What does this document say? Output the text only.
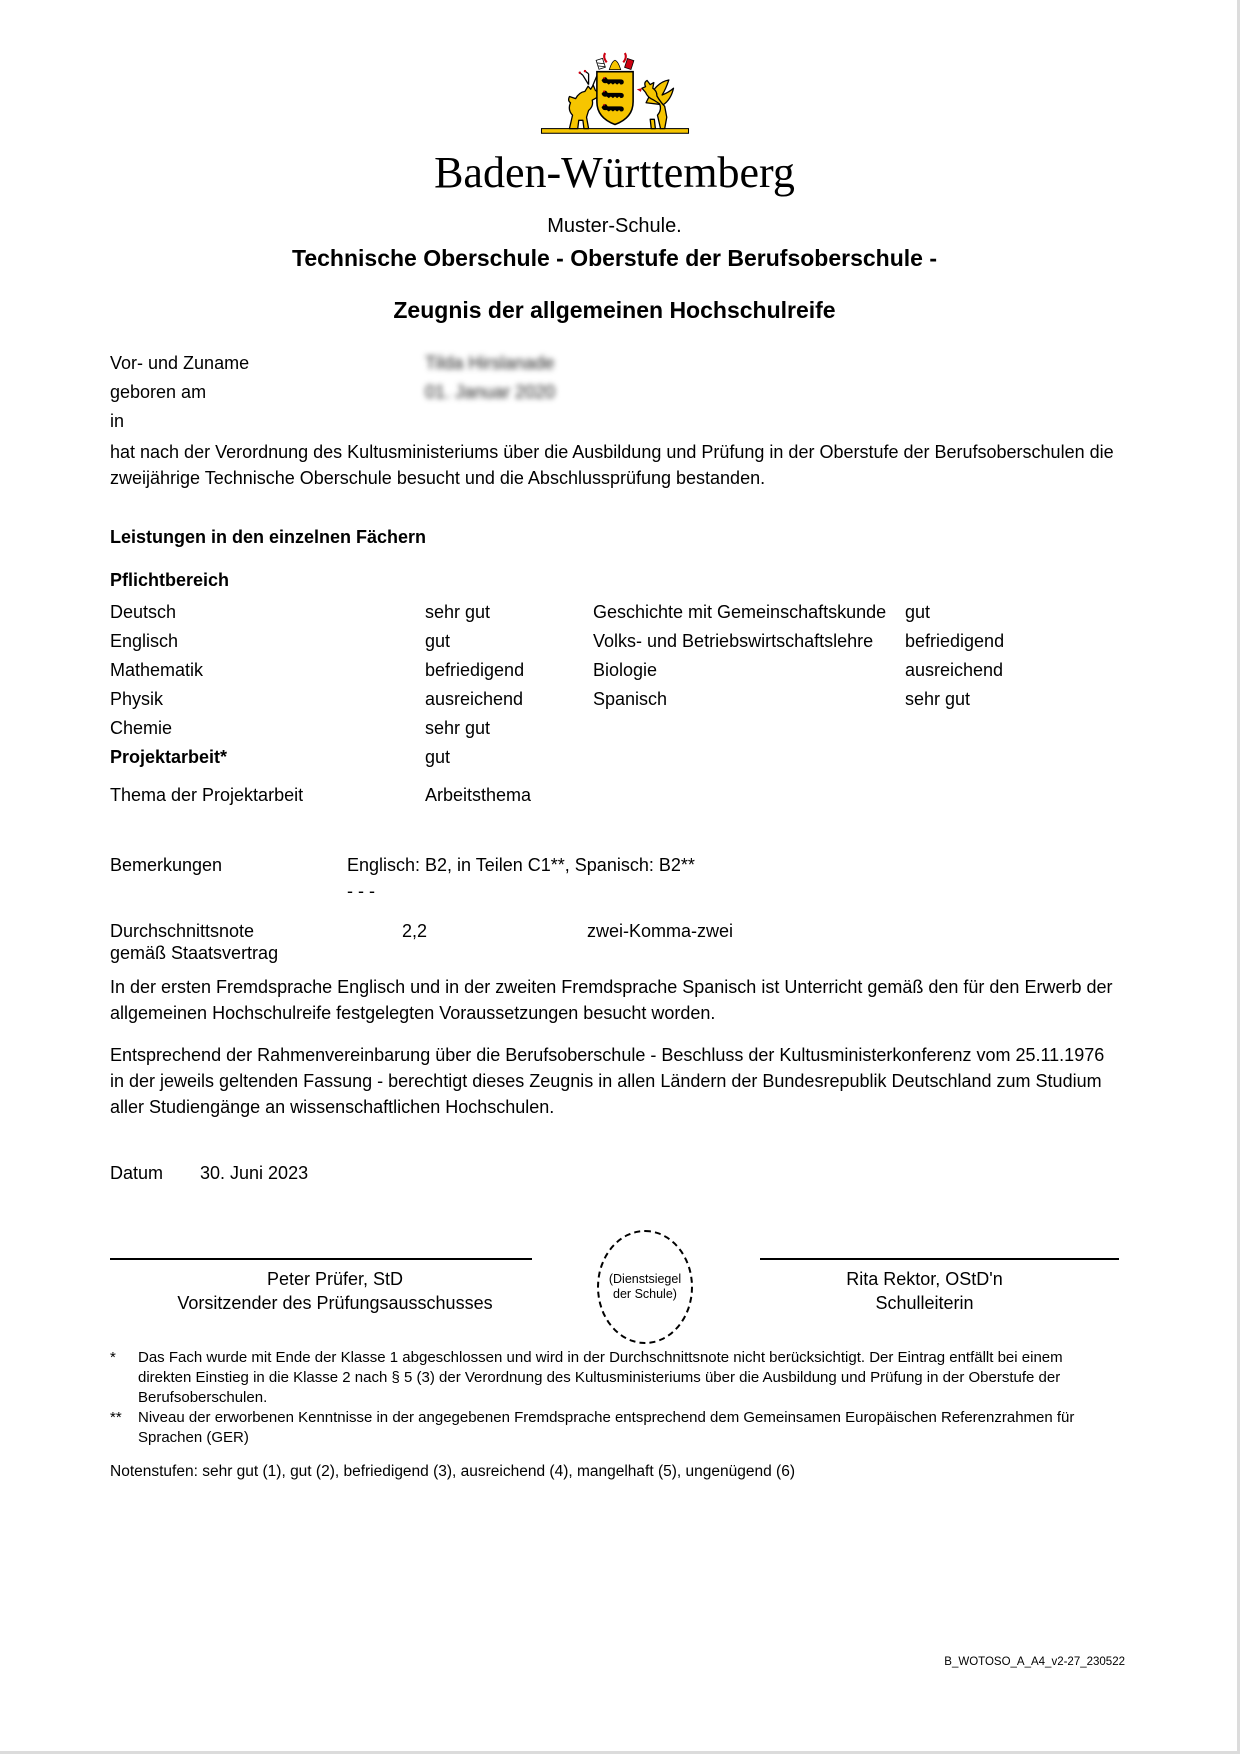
Baden-Württemberg
Muster-Schule.
Technische Oberschule - Oberstufe der Berufsoberschule -
Zeugnis der allgemeinen Hochschulreife
Vor- und Zuname	Tilda Hirslanade
geboren am	01. Januar 2020
in

hat nach der Verordnung des Kultusministeriums über die Ausbildung und Prüfung in der Oberstufe der Berufsoberschulen die zweijährige Technische Oberschule besucht und die Abschlussprüfung bestanden.

Leistungen in den einzelnen Fächern
Pflichtbereich
Deutsch	sehr gut	Geschichte mit Gemeinschaftskunde	gut
Englisch	gut	Volks- und Betriebswirtschaftslehre	befriedigend
Mathematik	befriedigend	Biologie	ausreichend
Physik	ausreichend	Spanisch	sehr gut
Chemie	sehr gut
Projektarbeit*	gut
Thema der Projektarbeit	Arbeitsthema
Bemerkungen	Englisch: B2, in Teilen C1**, Spanisch: B2**
- - -
Durchschnittsnote
gemäß Staatsvertrag
2,2	zwei-Komma-zwei

In der ersten Fremdsprache Englisch und in der zweiten Fremdsprache Spanisch ist Unterricht gemäß den für den Erwerb der allgemeinen Hochschulreife festgelegten Voraussetzungen besucht worden.

Entsprechend der Rahmenvereinbarung über die Berufsoberschule - Beschluss der Kultusministerkonferenz vom 25.11.1976 in der jeweils geltenden Fassung - berechtigt dieses Zeugnis in allen Ländern der Bundesrepublik Deutschland zum Studium aller Studiengänge an wissenschaftlichen Hochschulen.

Datum	30. Juni 2023
Peter Prüfer, StD
Vorsitzender des Prüfungsausschusses
(Dienstsiegel
der Schule)
Rita Rektor, OStD'n
Schulleiterin
*	Das Fach wurde mit Ende der Klasse 1 abgeschlossen und wird in der Durchschnittsnote nicht berücksichtigt. Der Eintrag entfällt bei einem direkten Einstieg in die Klasse 2 nach § 5 (3) der Verordnung des Kultusministeriums über die Ausbildung und Prüfung in der Oberstufe der Berufsoberschulen.
**	Niveau der erworbenen Kenntnisse in der angegebenen Fremdsprache entsprechend dem Gemeinsamen Europäischen Referenzrahmen für Sprachen (GER)
Notenstufen: sehr gut (1), gut (2), befriedigend (3), ausreichend (4), mangelhaft (5), ungenügend (6)
B_WOTOSO_A_A4_v2-27_230522
